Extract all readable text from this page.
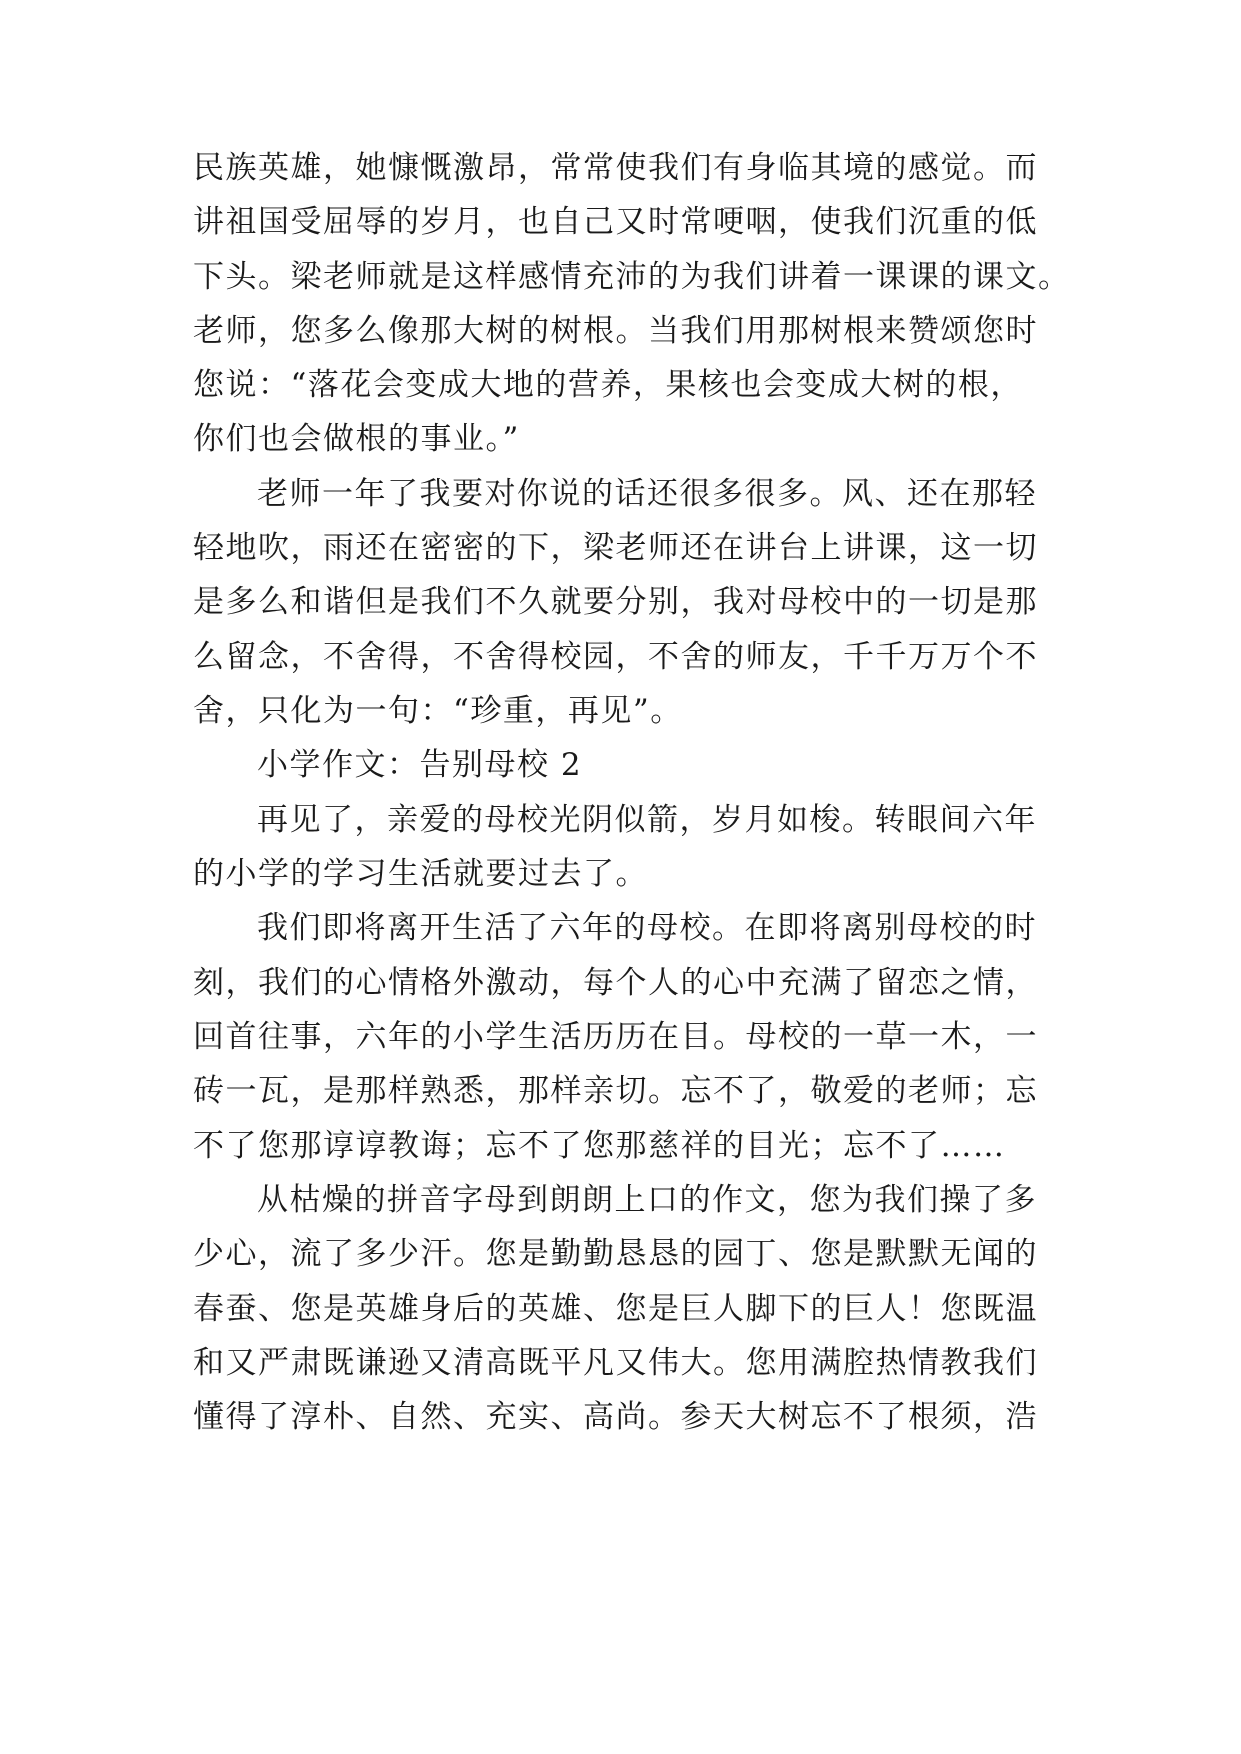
民族英雄，她慷慨激昂，常常使我们有身临其境的感觉。而
讲祖国受屈辱的岁月，也自己又时常哽咽，使我们沉重的低
下头。梁老师就是这样感情充沛的为我们讲着一课课的课文。
老师，您多么像那大树的树根。当我们用那树根来赞颂您时
您说：“落花会变成大地的营养，果核也会变成大树的根，
你们也会做根的事业。”
老师一年了我要对你说的话还很多很多。风、还在那轻
轻地吹，雨还在密密的下，梁老师还在讲台上讲课，这一切
是多么和谐但是我们不久就要分别，我对母校中的一切是那
么留念，不舍得，不舍得校园，不舍的师友，千千万万个不
舍，只化为一句：“珍重，再见”。
小学作文：告别母校 2
再见了，亲爱的母校光阴似箭，岁月如梭。转眼间六年
的小学的学习生活就要过去了。
我们即将离开生活了六年的母校。在即将离别母校的时
刻，我们的心情格外激动，每个人的心中充满了留恋之情，
回首往事，六年的小学生活历历在目。母校的一草一木，一
砖一瓦，是那样熟悉，那样亲切。忘不了，敬爱的老师；忘
不了您那谆谆教诲；忘不了您那慈祥的目光；忘不了……
从枯燥的拼音字母到朗朗上口的作文，您为我们操了多
少心，流了多少汗。您是勤勤恳恳的园丁、您是默默无闻的
春蚕、您是英雄身后的英雄、您是巨人脚下的巨人！您既温
和又严肃既谦逊又清高既平凡又伟大。您用满腔热情教我们
懂得了淳朴、自然、充实、高尚。参天大树忘不了根须，浩
